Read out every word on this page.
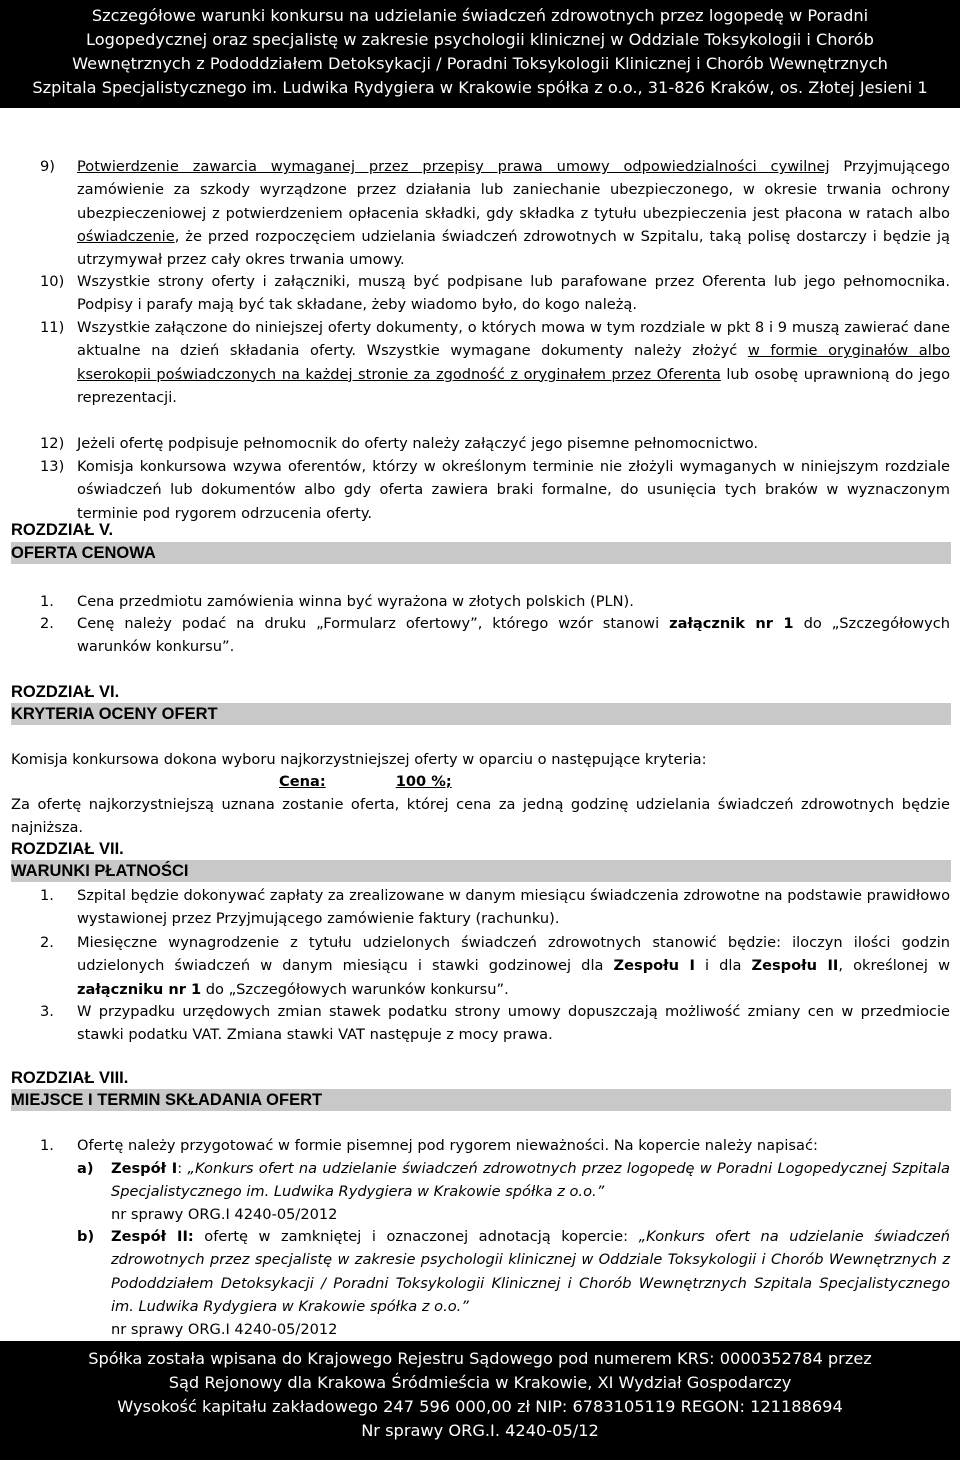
Szczegółowe warunki konkursu na udzielanie świadczeń zdrowotnych przez logopedę w Poradni
Logopedycznej oraz specjalistę w zakresie psychologii klinicznej w Oddziale Toksykologii i Chorób
Wewnętrznych z Pododdziałem Detoksykacji / Poradni Toksykologii Klinicznej i Chorób Wewnętrznych
Szpitala Specjalistycznego im. Ludwika Rydygiera w Krakowie spółka z o.o., 31-826 Kraków, os. Złotej Jesieni 1
9) Potwierdzenie zawarcia wymaganej przez przepisy prawa umowy odpowiedzialności cywilnej Przyjmującego zamówienie za szkody wyrządzone przez działania lub zaniechanie ubezpieczonego, w okresie trwania ochrony ubezpieczeniowej z potwierdzeniem opłacenia składki, gdy składka z tytułu ubezpieczenia jest płacona w ratach albo oświadczenie, że przed rozpoczęciem udzielania świadczeń zdrowotnych w Szpitalu, taką polisę dostarczy i będzie ją utrzymywał przez cały okres trwania umowy.
10) Wszystkie strony oferty i załączniki, muszą być podpisane lub parafowane przez Oferenta lub jego pełnomocnika. Podpisy i parafy mają być tak składane, żeby wiadomo było, do kogo należą.
11) Wszystkie załączone do niniejszej oferty dokumenty, o których mowa w tym rozdziale w pkt 8 i 9 muszą zawierać dane aktualne na dzień składania oferty. Wszystkie wymagane dokumenty należy złożyć w formie oryginałów albo kserokopii poświadczonych na każdej stronie za zgodność z oryginałem przez Oferenta lub osobę uprawnioną do jego reprezentacji.
12) Jeżeli ofertę podpisuje pełnomocnik do oferty należy załączyć jego pisemne pełnomocnictwo.
13) Komisja konkursowa wzywa oferentów, którzy w określonym terminie nie złożyli wymaganych w niniejszym rozdziale oświadczeń lub dokumentów albo gdy oferta zawiera braki formalne, do usunięcia tych braków w wyznaczonym terminie pod rygorem odrzucenia oferty.
ROZDZIAŁ V.
OFERTA CENOWA
1. Cena przedmiotu zamówienia winna być wyrażona w złotych polskich (PLN).
2. Cenę należy podać na druku „Formularz ofertowy”, którego wzór stanowi załącznik nr 1 do „Szczegółowych warunków konkursu”.
ROZDZIAŁ VI.
KRYTERIA OCENY OFERT
Komisja konkursowa dokona wyboru najkorzystniejszej oferty w oparciu o następujące kryteria:
Cena:	100 %;
Za ofertę najkorzystniejszą uznana zostanie oferta, której cena za jedną godzinę udzielania świadczeń zdrowotnych będzie najniższa.
ROZDZIAŁ VII.
WARUNKI PŁATNOŚCI
1. Szpital będzie dokonywać zapłaty za zrealizowane w danym miesiącu świadczenia zdrowotne na podstawie prawidłowo wystawionej przez Przyjmującego zamówienie faktury (rachunku).
2. Miesięczne wynagrodzenie z tytułu udzielonych świadczeń zdrowotnych stanowić będzie: iloczyn ilości godzin udzielonych świadczeń w danym miesiącu i stawki godzinowej dla Zespołu I i dla Zespołu II, określonej w załączniku nr 1 do „Szczegółowych warunków konkursu”.
3. W przypadku urzędowych zmian stawek podatku strony umowy dopuszczają możliwość zmiany cen w przedmiocie stawki podatku VAT. Zmiana stawki VAT następuje z mocy prawa.
ROZDZIAŁ VIII.
MIEJSCE I TERMIN SKŁADANIA OFERT
1. Ofertę należy przygotować w formie pisemnej pod rygorem nieważności. Na kopercie należy napisać:
a) Zespół I: „Konkurs ofert na udzielanie świadczeń zdrowotnych przez logopedę w Poradni Logopedycznej Szpitala Specjalistycznego im. Ludwika Rydygiera w Krakowie spółka z o.o.”
nr sprawy ORG.I 4240-05/2012
b) Zespół II: ofertę w zamkniętej i oznaczonej adnotacją kopercie: „Konkurs ofert na udzielanie świadczeń zdrowotnych przez specjalistę w zakresie psychologii klinicznej w Oddziale Toksykologii i Chorób Wewnętrznych z Pododdziałem Detoksykacji / Poradni Toksykologii Klinicznej i Chorób Wewnętrznych Szpitala Specjalistycznego im. Ludwika Rydygiera w Krakowie spółka z o.o.”
nr sprawy ORG.I 4240-05/2012
Spółka została wpisana do Krajowego Rejestru Sądowego pod numerem KRS: 0000352784 przez
Sąd Rejonowy dla Krakowa Śródmieścia w Krakowie, XI Wydział Gospodarczy
Wysokość kapitału zakładowego 247 596 000,00 zł NIP: 6783105119 REGON: 121188694
Nr sprawy ORG.I. 4240-05/12	5
